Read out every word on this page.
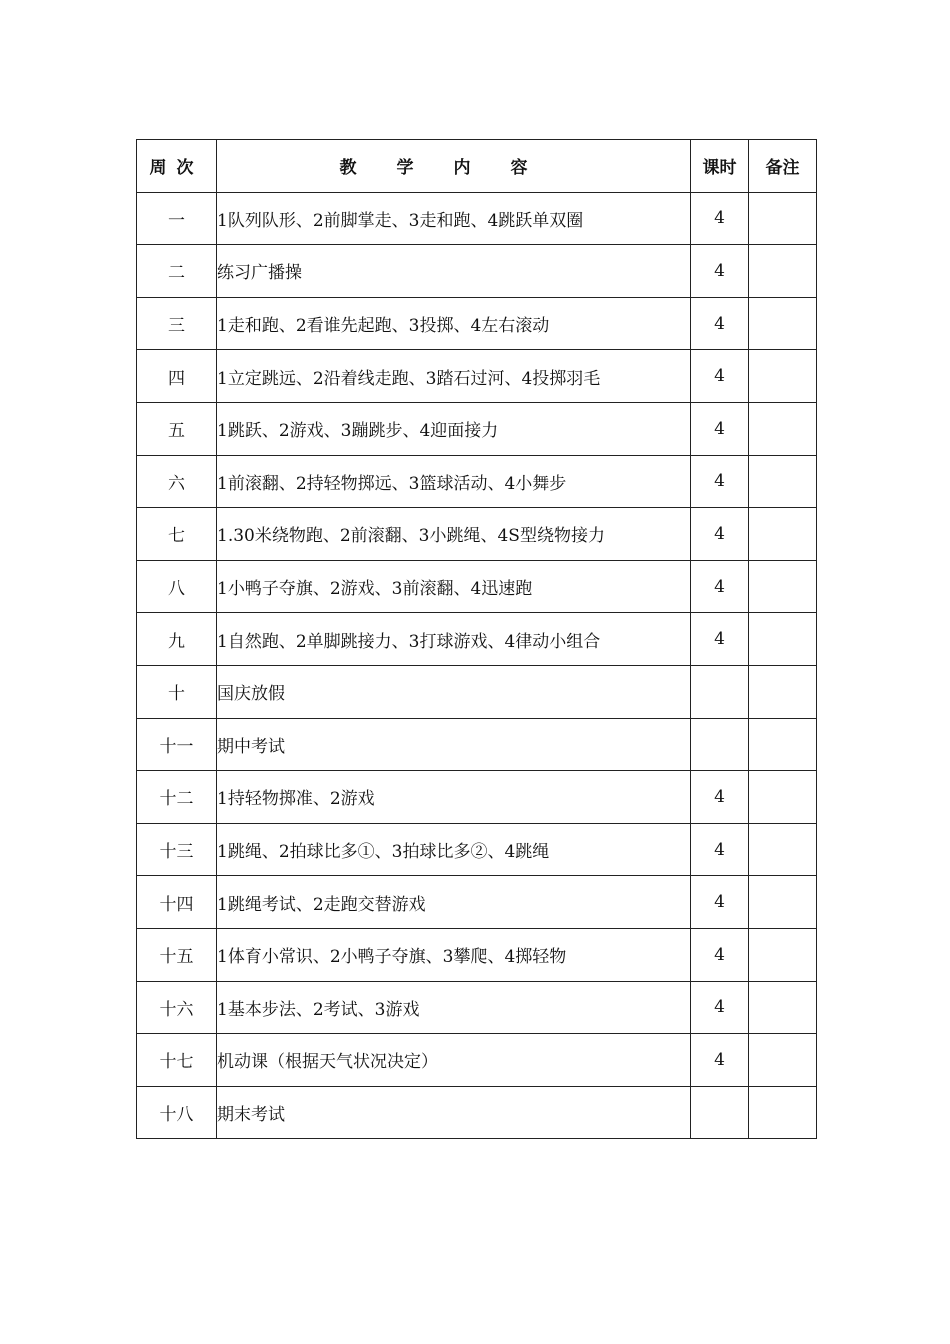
周次	教学内容	课时	备注
一	1队列队形、2前脚掌走、3走和跑、4跳跃单双圈	4	
二	练习广播操	4	
三	1走和跑、2看谁先起跑、3投掷、4左右滚动	4	
四	1立定跳远、2沿着线走跑、3踏石过河、4投掷羽毛	4	
五	1跳跃、2游戏、3蹦跳步、4迎面接力	4	
六	1前滚翻、2持轻物掷远、3篮球活动、4小舞步	4	
七	1.30米绕物跑、2前滚翻、3小跳绳、4S型绕物接力	4	
八	1小鸭子夺旗、2游戏、3前滚翻、4迅速跑	4	
九	1自然跑、2单脚跳接力、3打球游戏、4律动小组合	4	
十	国庆放假		
十一	期中考试		
十二	1持轻物掷准、2游戏	4	
十三	1跳绳、2拍球比多①、3拍球比多②、4跳绳	4	
十四	1跳绳考试、2走跑交替游戏	4	
十五	1体育小常识、2小鸭子夺旗、3攀爬、4掷轻物	4	
十六	1基本步法、2考试、3游戏	4	
十七	机动课（根据天气状况决定）	4	
十八	期末考试		
